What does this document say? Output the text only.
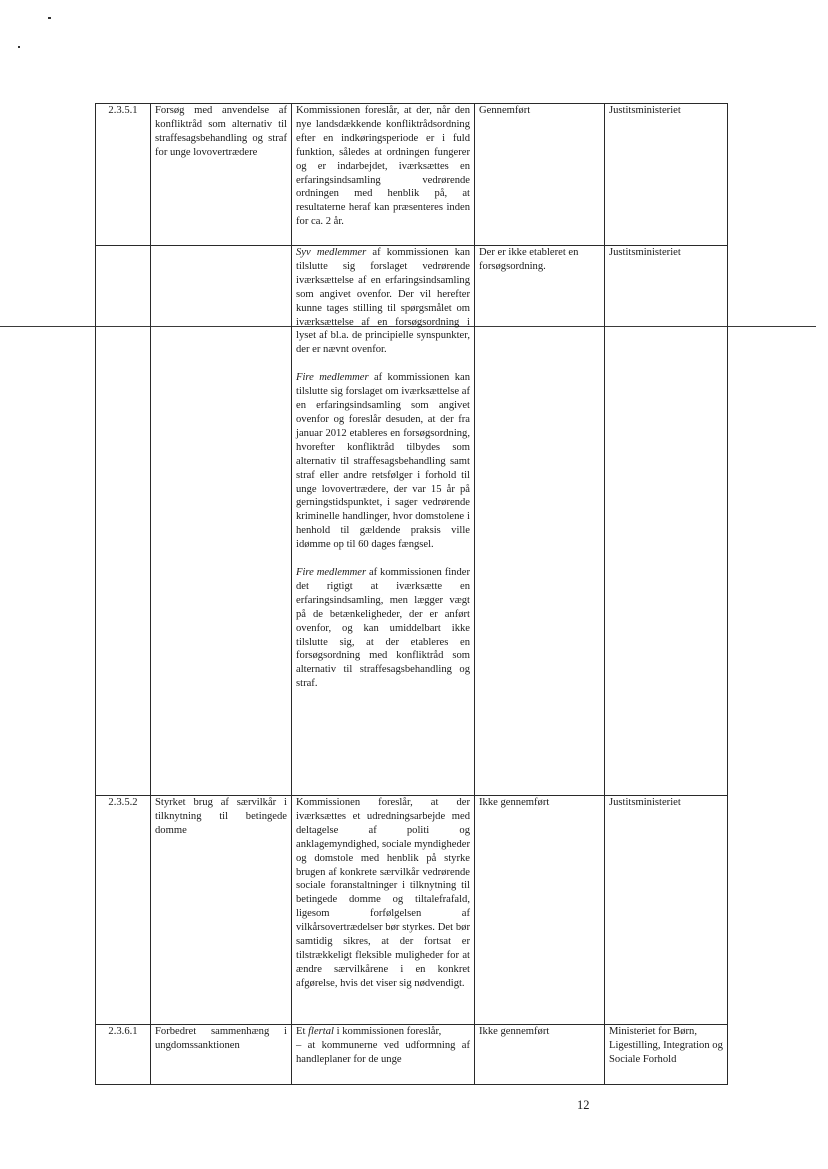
2.3.5.1	Forsøg med anvendelse af konfliktråd som alternativ til straffesagsbehandling og straf for unge lovovertrædere	Kommissionen foreslår, at der, når den nye landsdækkende konfliktrådsordning efter en indkøringsperiode er i fuld funktion, således at ordningen fungerer og er indarbejdet, iværksættes en erfaringsindsamling vedrørende ordningen med henblik på, at resultaterne heraf kan præsenteres inden for ca. 2 år.	Gennemført	Justitsministeriet

		Syv medlemmer af kommissionen kan tilslutte sig forslaget vedrørende iværksættelse af en erfaringsindsamling som angivet ovenfor. Der vil herefter kunne tages stilling til spørgsmålet om iværksættelse af en forsøgsordning i lyset af bl.a. de principielle synspunkter, der er nævnt ovenfor.
Fire medlemmer af kommissionen kan tilslutte sig forslaget om iværksættelse af en erfaringsindsamling som angivet ovenfor og foreslår desuden, at der fra januar 2012 etableres en forsøgsordning, hvorefter konfliktråd tilbydes som alternativ til straffesagsbehandling samt straf eller andre retsfølger i forhold til unge lovovertrædere, der var 15 år på gerningstidspunktet, i sager vedrørende kriminelle handlinger, hvor domstolene i henhold til gældende praksis ville idømme op til 60 dages fængsel.
Fire medlemmer af kommissionen finder det rigtigt at iværksætte en erfaringsindsamling, men lægger vægt på de betænkeligheder, der er anført ovenfor, og kan umiddelbart ikke tilslutte sig, at der etableres en forsøgsordning med konfliktråd som alternativ til straffesagsbehandling og straf.	Der er ikke etableret en forsøgsordning.	Justitsministeriet
2.3.5.2	Styrket brug af særvilkår i tilknytning til betingede domme	Kommissionen foreslår, at der iværksættes et udredningsarbejde med deltagelse af politi og anklagemyndighed, sociale myndigheder og domstole med henblik på styrke brugen af konkrete særvilkår vedrørende sociale foranstaltninger i tilknytning til betingede domme og tiltalefrafald, ligesom forfølgelsen af vilkårsovertrædelser bør styrkes. Det bør samtidig sikres, at der fortsat er tilstrækkeligt fleksible muligheder for at ændre særvilkårene i en konkret afgørelse, hvis det viser sig nødvendigt.	Ikke gennemført	Justitsministeriet
2.3.6.1	Forbedret sammenhæng i ungdomssanktionen	Et flertal i kommissionen foreslår,
– at kommunerne ved udformning af handleplaner for de unge	Ikke gennemført	Ministeriet for Børn, Ligestilling, Integration og Sociale Forhold
12
